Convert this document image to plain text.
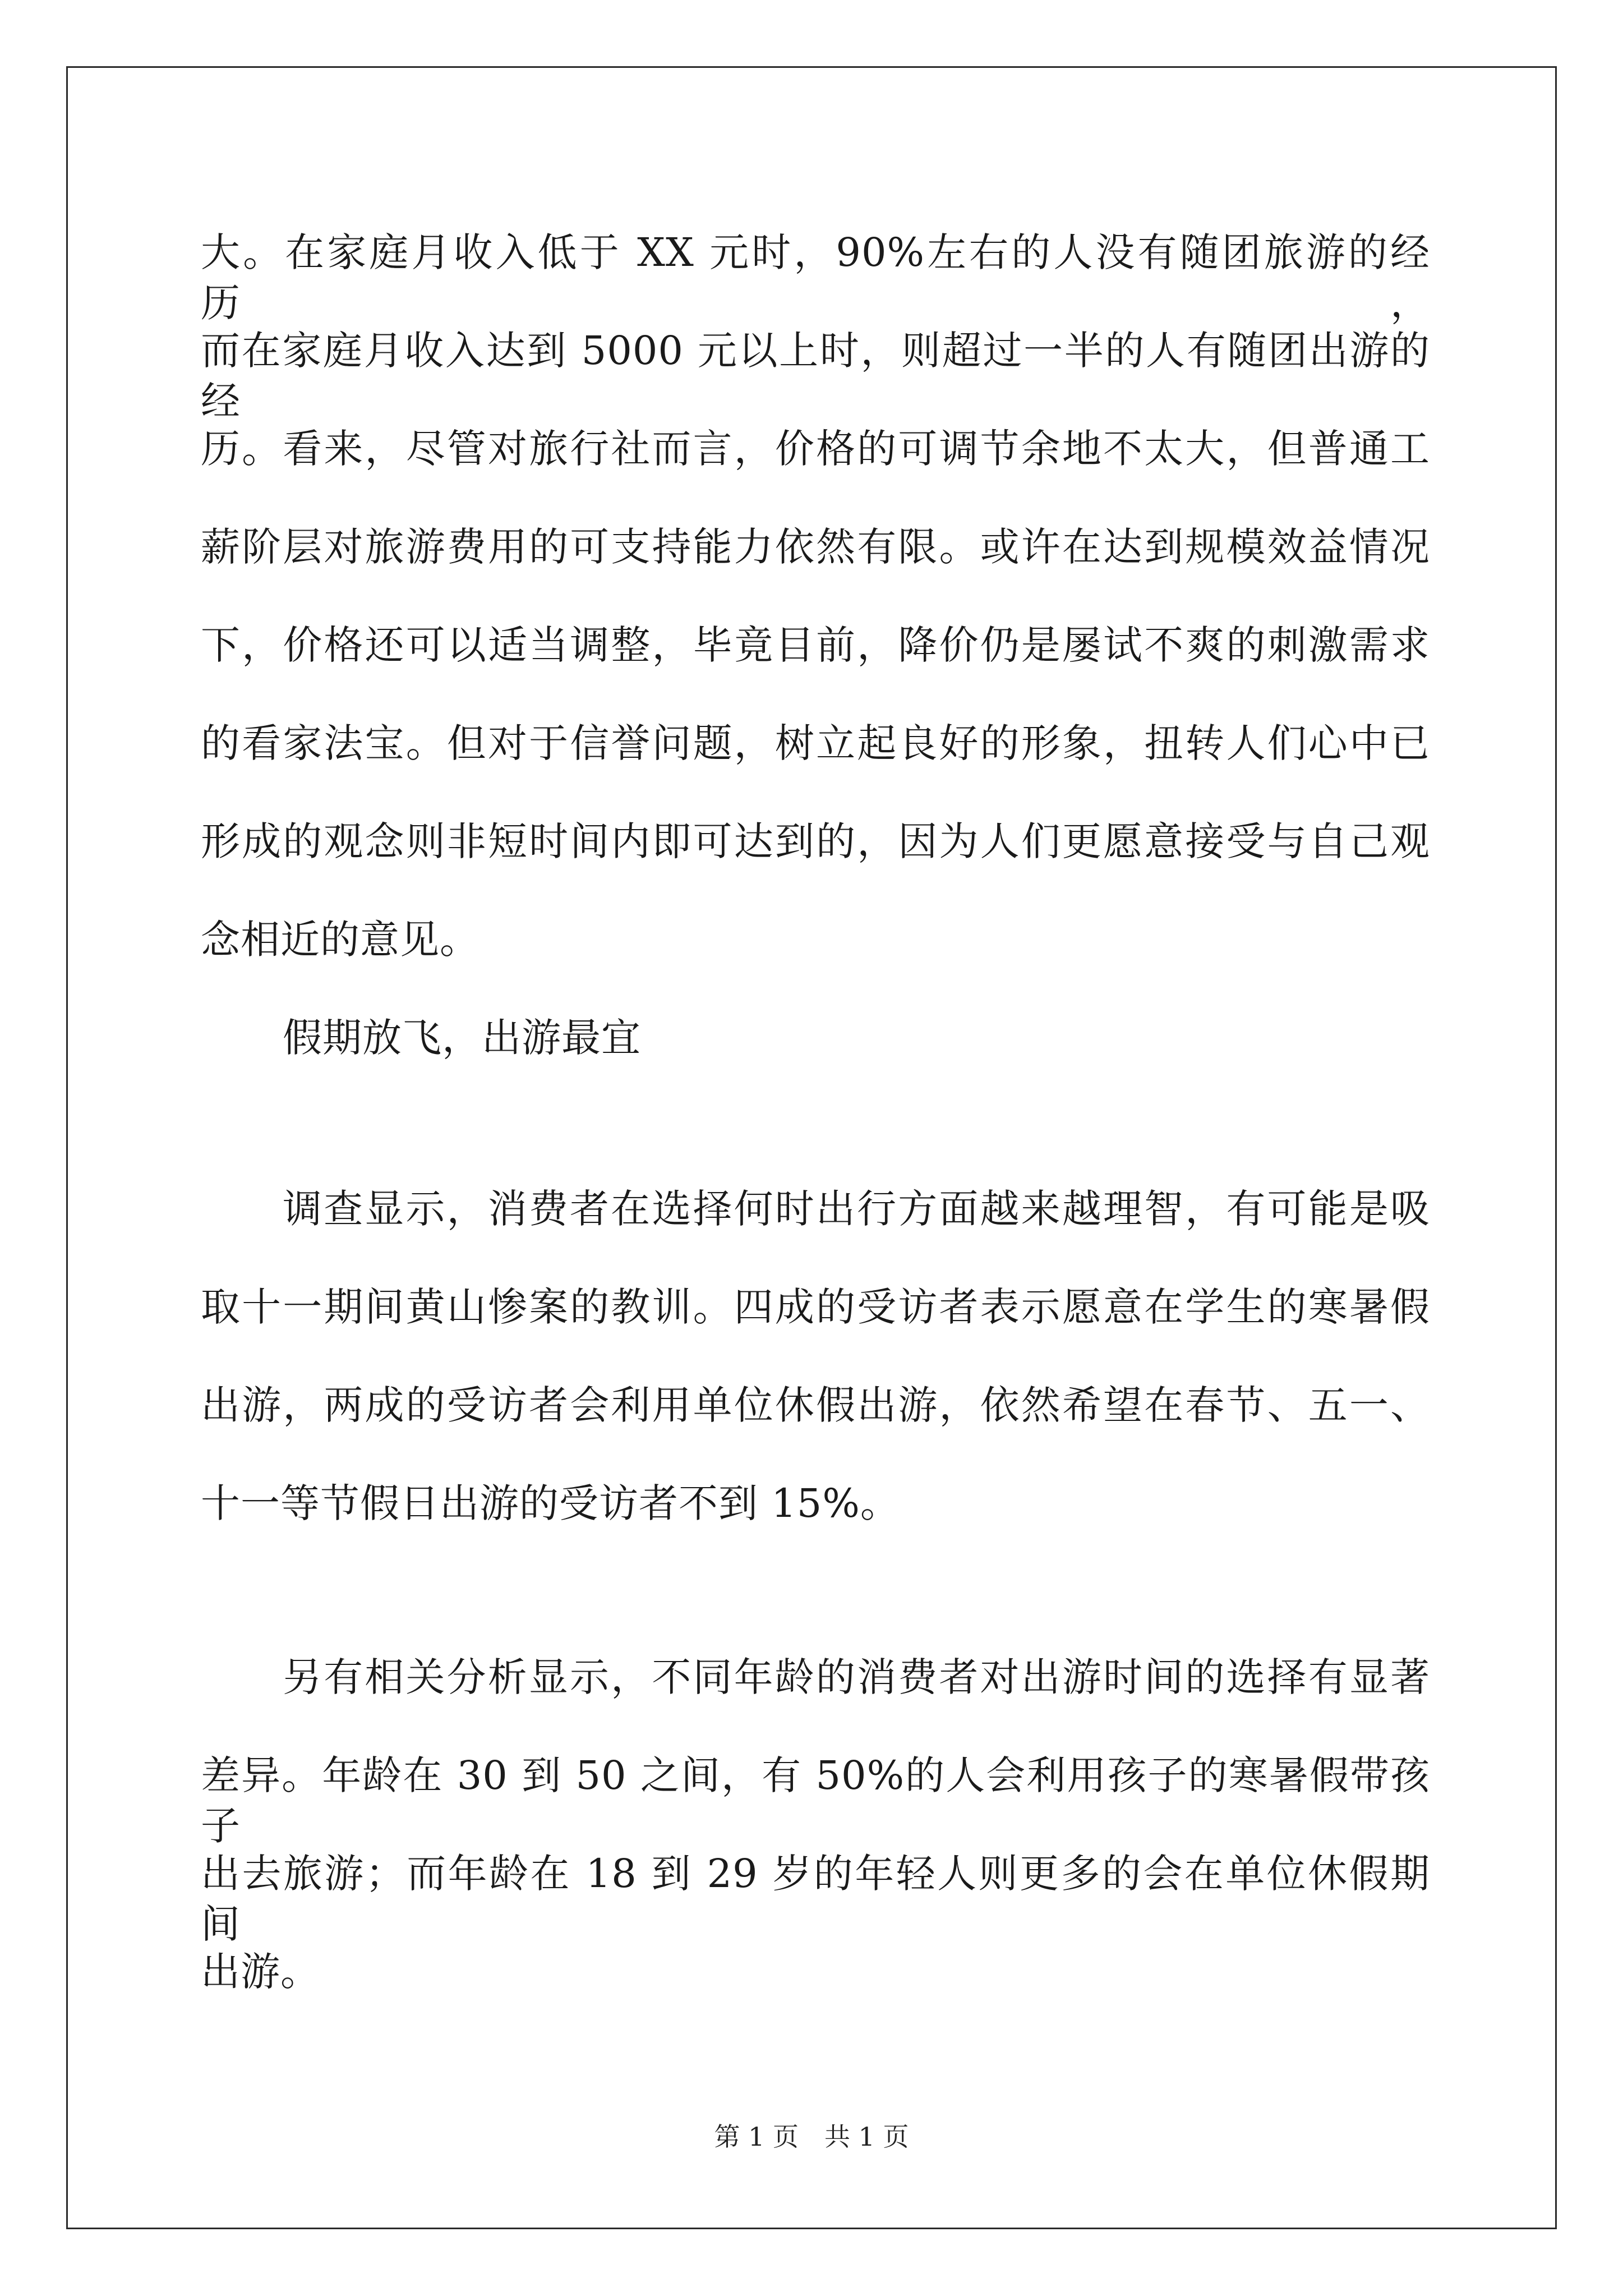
大。在家庭月收入低于 XX 元时，90%左右的人没有随团旅游的经历，
而在家庭月收入达到 5000 元以上时，则超过一半的人有随团出游的经
历。看来，尽管对旅行社而言，价格的可调节余地不太大，但普通工
薪阶层对旅游费用的可支持能力依然有限。或许在达到规模效益情况
下，价格还可以适当调整，毕竟目前，降价仍是屡试不爽的刺激需求
的看家法宝。但对于信誉问题，树立起良好的形象，扭转人们心中已
形成的观念则非短时间内即可达到的，因为人们更愿意接受与自己观
念相近的意见。
假期放飞，出游最宜
调查显示，消费者在选择何时出行方面越来越理智，有可能是吸
取十一期间黄山惨案的教训。四成的受访者表示愿意在学生的寒暑假
出游，两成的受访者会利用单位休假出游，依然希望在春节、五一、
十一等节假日出游的受访者不到 15%。
另有相关分析显示，不同年龄的消费者对出游时间的选择有显著
差异。年龄在 30 到 50 之间，有 50%的人会利用孩子的寒暑假带孩子
出去旅游；而年龄在 18 到 29 岁的年轻人则更多的会在单位休假期间
出游。
第 1 页　共 1 页
